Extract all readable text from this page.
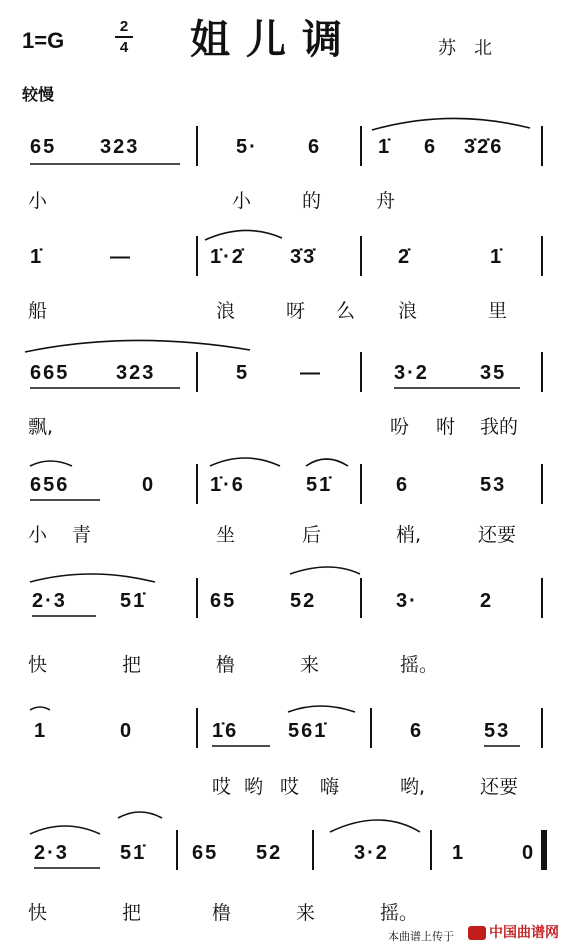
1=G
2
4 姐儿调	苏北
较慢
65 323	5·	6	1̇ 6 3̇2̇6
小	小	的	舟
1̇	—	1̇·2̇ 3̇3̇	2̇	1̇
船	浪	呀 么 浪	里
665 323	5	—	3·2	35
飘,	吩 咐 我的
656	0	1̇·6	51̇	6	53
小 青	坐	后	梢,	还要
2·3	51̇	65	52	3·	2
快	把	橹	来	摇。
1	0	1̇6 561̇	6	53
哎 哟 哎 嗨	哟,	还要
2·3	51̇ 65 52	3·2	1	0
快	把	橹	来	摇。
本曲谱上传于	中国曲谱网
